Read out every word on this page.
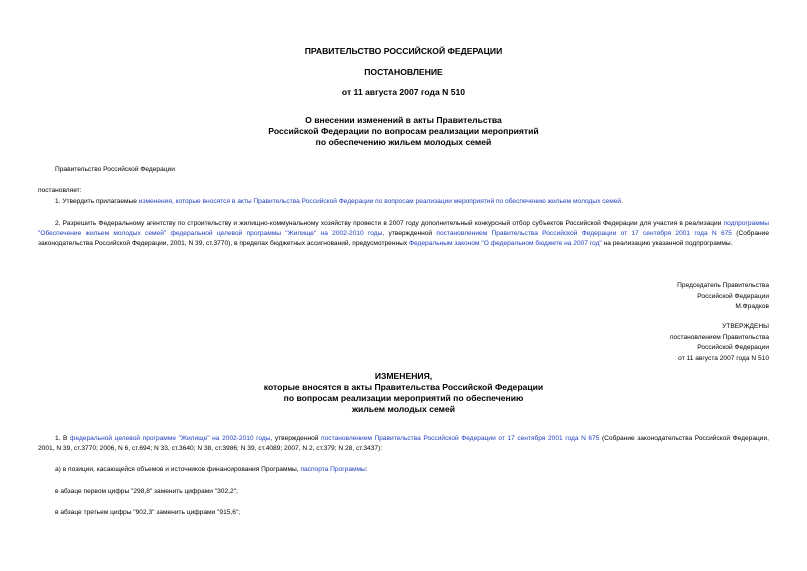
ПРАВИТЕЛЬСТВО РОССИЙСКОЙ ФЕДЕРАЦИИ
ПОСТАНОВЛЕНИЕ
от 11 августа 2007 года N 510
О внесении изменений в акты Правительства
Российской Федерации по вопросам реализации мероприятий
по обеспечению жильем молодых семей
Правительство Российской Федерации
постановляет:
1. Утвердить прилагаемые изменения, которые вносятся в акты Правительства Российской Федерации по вопросам реализации мероприятий по обеспечению жильем молодых семей.
2. Разрешить Федеральному агентству по строительству и жилищно-коммунальному хозяйству провести в 2007 году дополнительный конкурсный отбор субъектов Российской Федерации для участия в реализации подпрограммы "Обеспечение жильем молодых семей" федеральной целевой программы "Жилище" на 2002-2010 годы, утвержденной постановлением Правительства Российской Федерации от 17 сентября 2001 года N 675 (Собрание законодательства Российской Федерации, 2001, N 39, ст.3770), в пределах бюджетных ассигнований, предусмотренных Федеральным законом "О федеральном бюджете на 2007 год" на реализацию указанной подпрограммы.
Председатель Правительства
Российской Федерации
М.Фрадков
УТВЕРЖДЕНЫ
постановлением Правительства
Российской Федерации
от 11 августа 2007 года N 510
ИЗМЕНЕНИЯ,
которые вносятся в акты Правительства Российской Федерации
по вопросам реализации мероприятий по обеспечению
жильем молодых семей
1. В федеральной целевой программе "Жилище" на 2002-2010 годы, утвержденной постановлением Правительства Российской Федерации от 17 сентября 2001 года N 675 (Собрание законодательства Российской Федерации, 2001, N 39, ст.3770; 2006, N 6, ст.694; N 33, ст.3640; N 38, ст.3986; N 39, ст.4089; 2007, N 2, ст.379; N 28, ст.3437):
а) в позиции, касающейся объемов и источников финансирования Программы, паспорта Программы:
в абзаце первом цифры "298,8" заменить цифрами "302,2";
в абзаце третьем цифры "902,3" заменить цифрами "915,6";
